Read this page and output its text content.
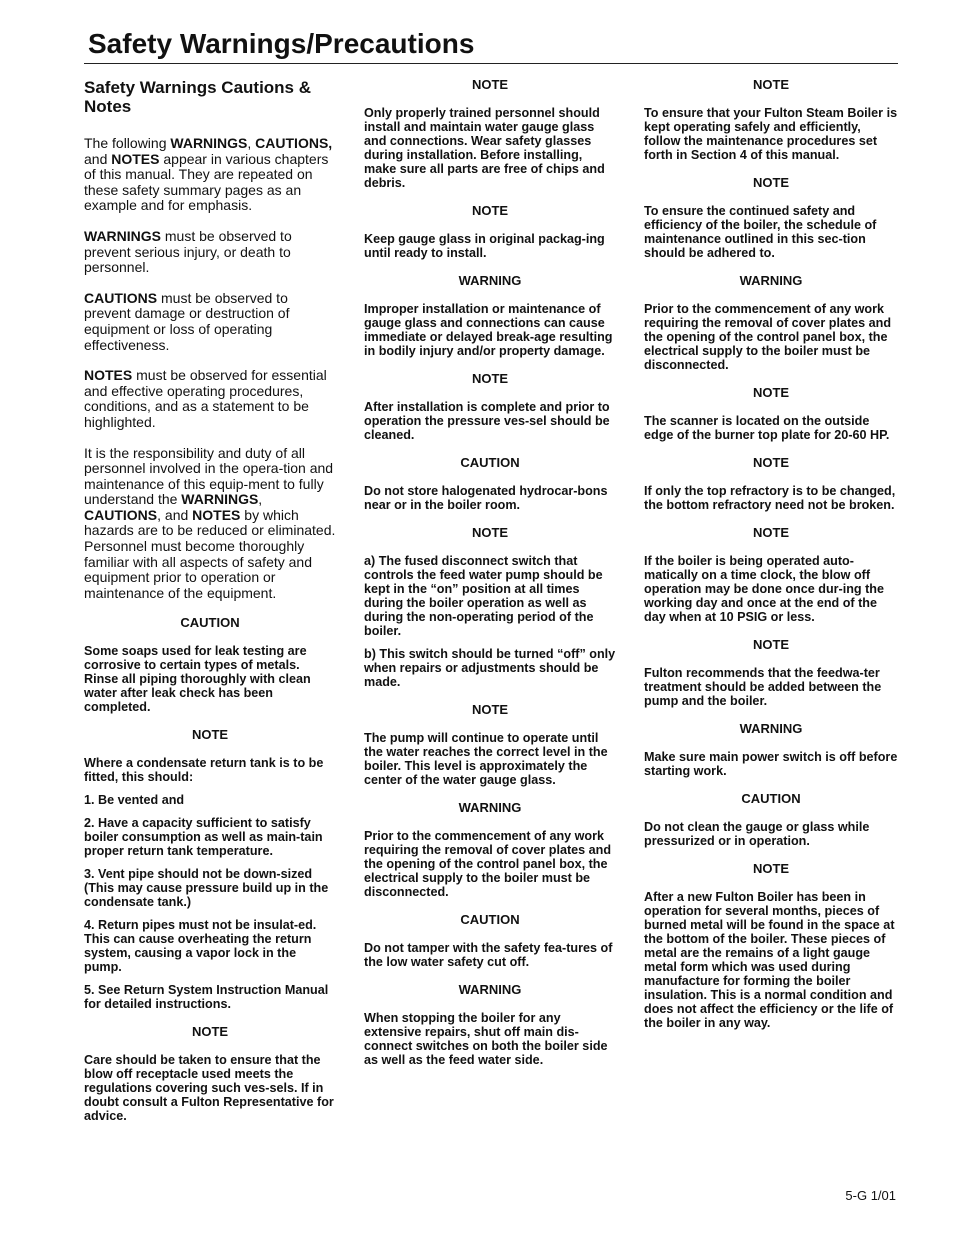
Safety Warnings/Precautions
Safety Warnings Cautions & Notes

The following WARNINGS, CAUTIONS, and NOTES appear in various chapters of this manual. They are repeated on these safety summary pages as an example and for emphasis.

WARNINGS must be observed to prevent serious injury, or death to personnel.

CAUTIONS must be observed to prevent damage or destruction of equipment or loss of operating effectiveness.

NOTES must be observed for essential and effective operating procedures, conditions, and as a statement to be highlighted.

It is the responsibility and duty of all personnel involved in the opera-tion and maintenance of this equip-ment to fully understand the WARNINGS, CAUTIONS, and NOTES by which hazards are to be reduced or eliminated. Personnel must become thoroughly familiar with all aspects of safety and equipment prior to operation or maintenance of the equipment.

CAUTION

Some soaps used for leak testing are corrosive to certain types of metals. Rinse all piping thoroughly with clean water after leak check has been completed.

NOTE

Where a condensate return tank is to be fitted, this should:

1. Be vented and

2. Have a capacity sufficient to satisfy boiler consumption as well as main-tain proper return tank temperature.

3. Vent pipe should not be down-sized (This may cause pressure build up in the condensate tank.)

4. Return pipes must not be insulat-ed. This can cause overheating the return system, causing a vapor lock in the pump.

5. See Return System Instruction Manual for detailed instructions.

NOTE

Care should be taken to ensure that the blow off receptacle used meets the regulations covering such ves-sels. If in doubt consult a Fulton Representative for advice.

NOTE

Only properly trained personnel should install and maintain water gauge glass and connections. Wear safety glasses during installation. Before installing, make sure all parts are free of chips and debris.

NOTE

Keep gauge glass in original packag-ing until ready to install.

WARNING

Improper installation or maintenance of gauge glass and connections can cause immediate or delayed break-age resulting in bodily injury and/or property damage.

NOTE

After installation is complete and prior to operation the pressure ves-sel should be cleaned.

CAUTION

Do not store halogenated hydrocar-bons near or in the boiler room.

NOTE

a) The fused disconnect switch that controls the feed water pump should be kept in the “on” position at all times during the boiler operation as well as during the non-operating period of the boiler.

b) This switch should be turned “off” only when repairs or adjustments should be made.

NOTE

The pump will continue to operate until the water reaches the correct level in the boiler. This level is approximately the center of the water gauge glass.

WARNING

Prior to the commencement of any work requiring the removal of cover plates and the opening of the control panel box, the electrical supply to the boiler must be disconnected.

CAUTION

Do not tamper with the safety fea-tures of the low water safety cut off.

WARNING

When stopping the boiler for any extensive repairs, shut off main dis-connect switches on both the boiler side as well as the feed water side.

NOTE

To ensure that your Fulton Steam Boiler is kept operating safely and efficiently, follow the maintenance procedures set forth in Section 4 of this manual.

NOTE

To ensure the continued safety and efficiency of the boiler, the schedule of maintenance outlined in this sec-tion should be adhered to.

WARNING

Prior to the commencement of any work requiring the removal of cover plates and the opening of the control panel box, the electrical supply to the boiler must be disconnected.

NOTE

The scanner is located on the outside edge of the burner top plate for 20-60 HP.

NOTE

If only the top refractory is to be changed, the bottom refractory need not be broken.

NOTE

If the boiler is being operated auto-matically on a time clock, the blow off operation may be done once dur-ing the working day and once at the end of the day when at 10 PSIG or less.

NOTE

Fulton recommends that the feedwa-ter treatment should be added between the pump and the boiler.

WARNING

Make sure main power switch is off before starting work.

CAUTION

Do not clean the gauge or glass while pressurized or in operation.

NOTE

After a new Fulton Boiler has been in operation for several months, pieces of burned metal will be found in the space at the bottom of the boiler. These pieces of metal are the remains of a light gauge metal form which was used during manufacture for forming the boiler insulation. This is a normal condition and does not affect the efficiency or the life of the boiler in any way.

5-G 1/01
